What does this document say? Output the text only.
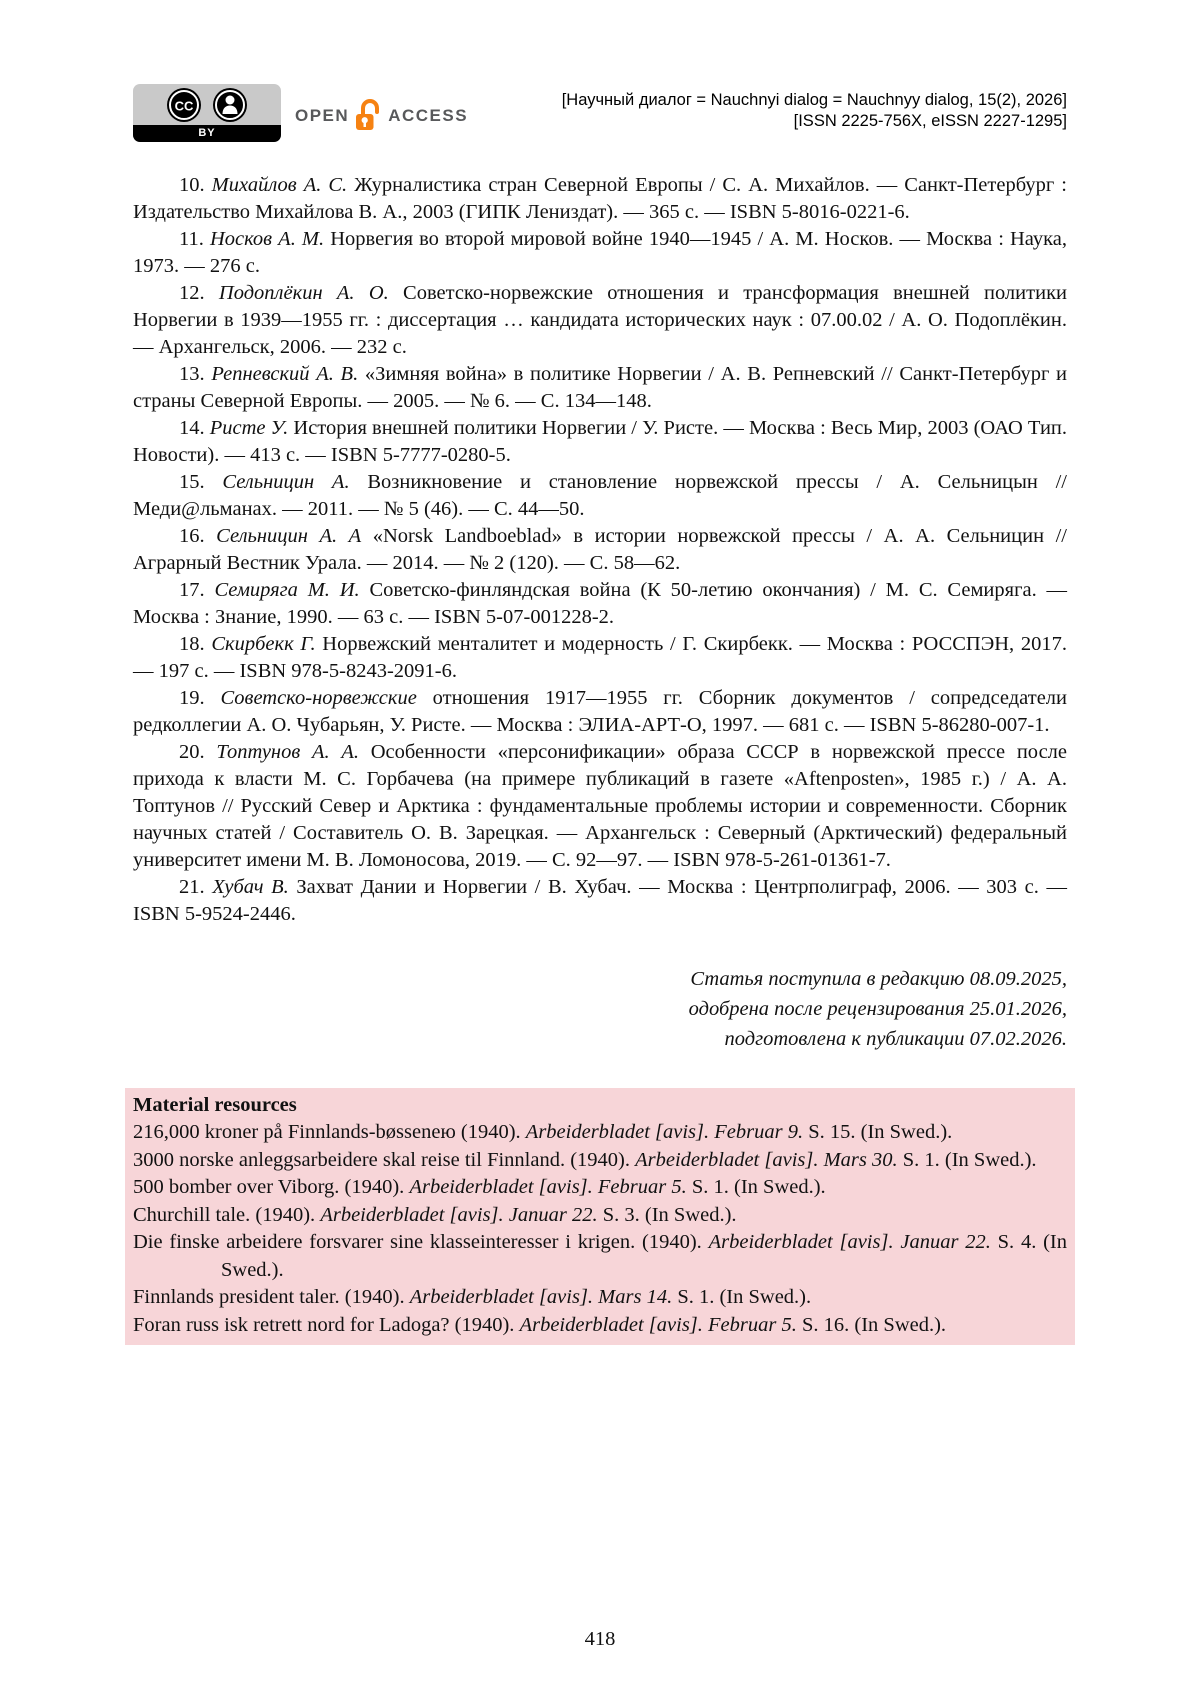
CC
BY
OPEN ACCESS
[Научный диалог = Nauchnyi dialog = Nauchnyy dialog, 15(2), 2026]
[ISSN 2225-756X, eISSN 2227-1295]

10. Михайлов А. С. Журналистика стран Северной Европы / С. А. Михайлов. — Санкт-Петербург : Издательство Михайлова В. А., 2003 (ГИПК Лениздат). — 365 с. — ISBN 5-8016-0221-6.

11. Носков А. М. Норвегия во второй мировой войне 1940—1945 / А. М. Носков. — Москва : Наука, 1973. — 276 с.

12. Подоплёкин А. О. Советско-норвежские отношения и трансформация внешней политики Норвегии в 1939—1955 гг. : диссертация … кандидата исторических наук : 07.00.02 / А. О. Подоплёкин. — Архангельск, 2006. — 232 с.

13. Репневский А. В. «Зимняя война» в политике Норвегии / А. В. Репневский // Санкт-Петербург и страны Северной Европы. — 2005. — № 6. — С. 134—148.

14. Ристе У. История внешней политики Норвегии / У. Ристе. — Москва : Весь Мир, 2003 (ОАО Тип. Новости). — 413 с. — ISBN 5-7777-0280-5.

15. Сельницин А. Возникновение и становление норвежской прессы / А. Сельницын // Меди@льманах. — 2011. — № 5 (46). — С. 44—50.

16. Сельницин А. А «Norsk Landboeblad» в истории норвежской прессы / А. А. Сельницин // Аграрный Вестник Урала. — 2014. — № 2 (120). — С. 58—62.

17. Семиряга М. И. Советско-финляндская война (К 50-летию окончания) / М. С. Семиряга. — Москва : Знание, 1990. — 63 с. — ISBN 5-07-001228-2.

18. Скирбекк Г. Норвежский менталитет и модерность / Г. Скирбекк. — Москва : РОССПЭН, 2017. — 197 с. — ISBN 978-5-8243-2091-6.

19. Советско-норвежские отношения 1917—1955 гг. Сборник документов / сопредседатели редколлегии А. О. Чубарьян, У. Ристе. — Москва : ЭЛИА-АРТ-О, 1997. — 681 с. — ISBN 5-86280-007-1.

20. Топтунов А. А. Особенности «персонификации» образа СССР в норвежской прессе после прихода к власти М. С. Горбачева (на примере публикаций в газете «Aftenposten», 1985 г.) / А. А. Топтунов // Русский Север и Арктика : фундаментальные проблемы истории и современности. Сборник научных статей / Составитель О. В. Зарецкая. — Архангельск : Северный (Арктический) федеральный университет имени М. В. Ломоносова, 2019. — С. 92—97. — ISBN 978-5-261-01361-7.

21. Хубач В. Захват Дании и Норвегии / В. Хубач. — Москва : Центрполиграф, 2006. — 303 с. — ISBN 5-9524-2446.

Статья поступила в редакцию 08.09.2025,
одобрена после рецензирования 25.01.2026,
подготовлена к публикации 07.02.2026.
Material resources

216,000 kroner på Finnlands-bøsseneю (1940). Arbeiderbladet [avis]. Februar 9. S. 15. (In Swed.).

3000 norske anleggsarbeidere skal reise til Finnland. (1940). Arbeiderbladet [avis]. Mars 30. S. 1. (In Swed.).

500 bomber over Viborg. (1940). Arbeiderbladet [avis]. Februar 5. S. 1. (In Swed.).

Churchill tale. (1940). Arbeiderbladet [avis]. Januar 22. S. 3. (In Swed.).

Die finske arbeidere forsvarer sine klasseinteresser i krigen. (1940). Arbeiderbladet [avis]. Januar 22. S. 4. (In Swed.).

Finnlands president taler. (1940). Arbeiderbladet [avis]. Mars 14. S. 1. (In Swed.).

Foran russ isk retrett nord for Ladoga? (1940). Arbeiderbladet [avis]. Februar 5. S. 16. (In Swed.).

418
